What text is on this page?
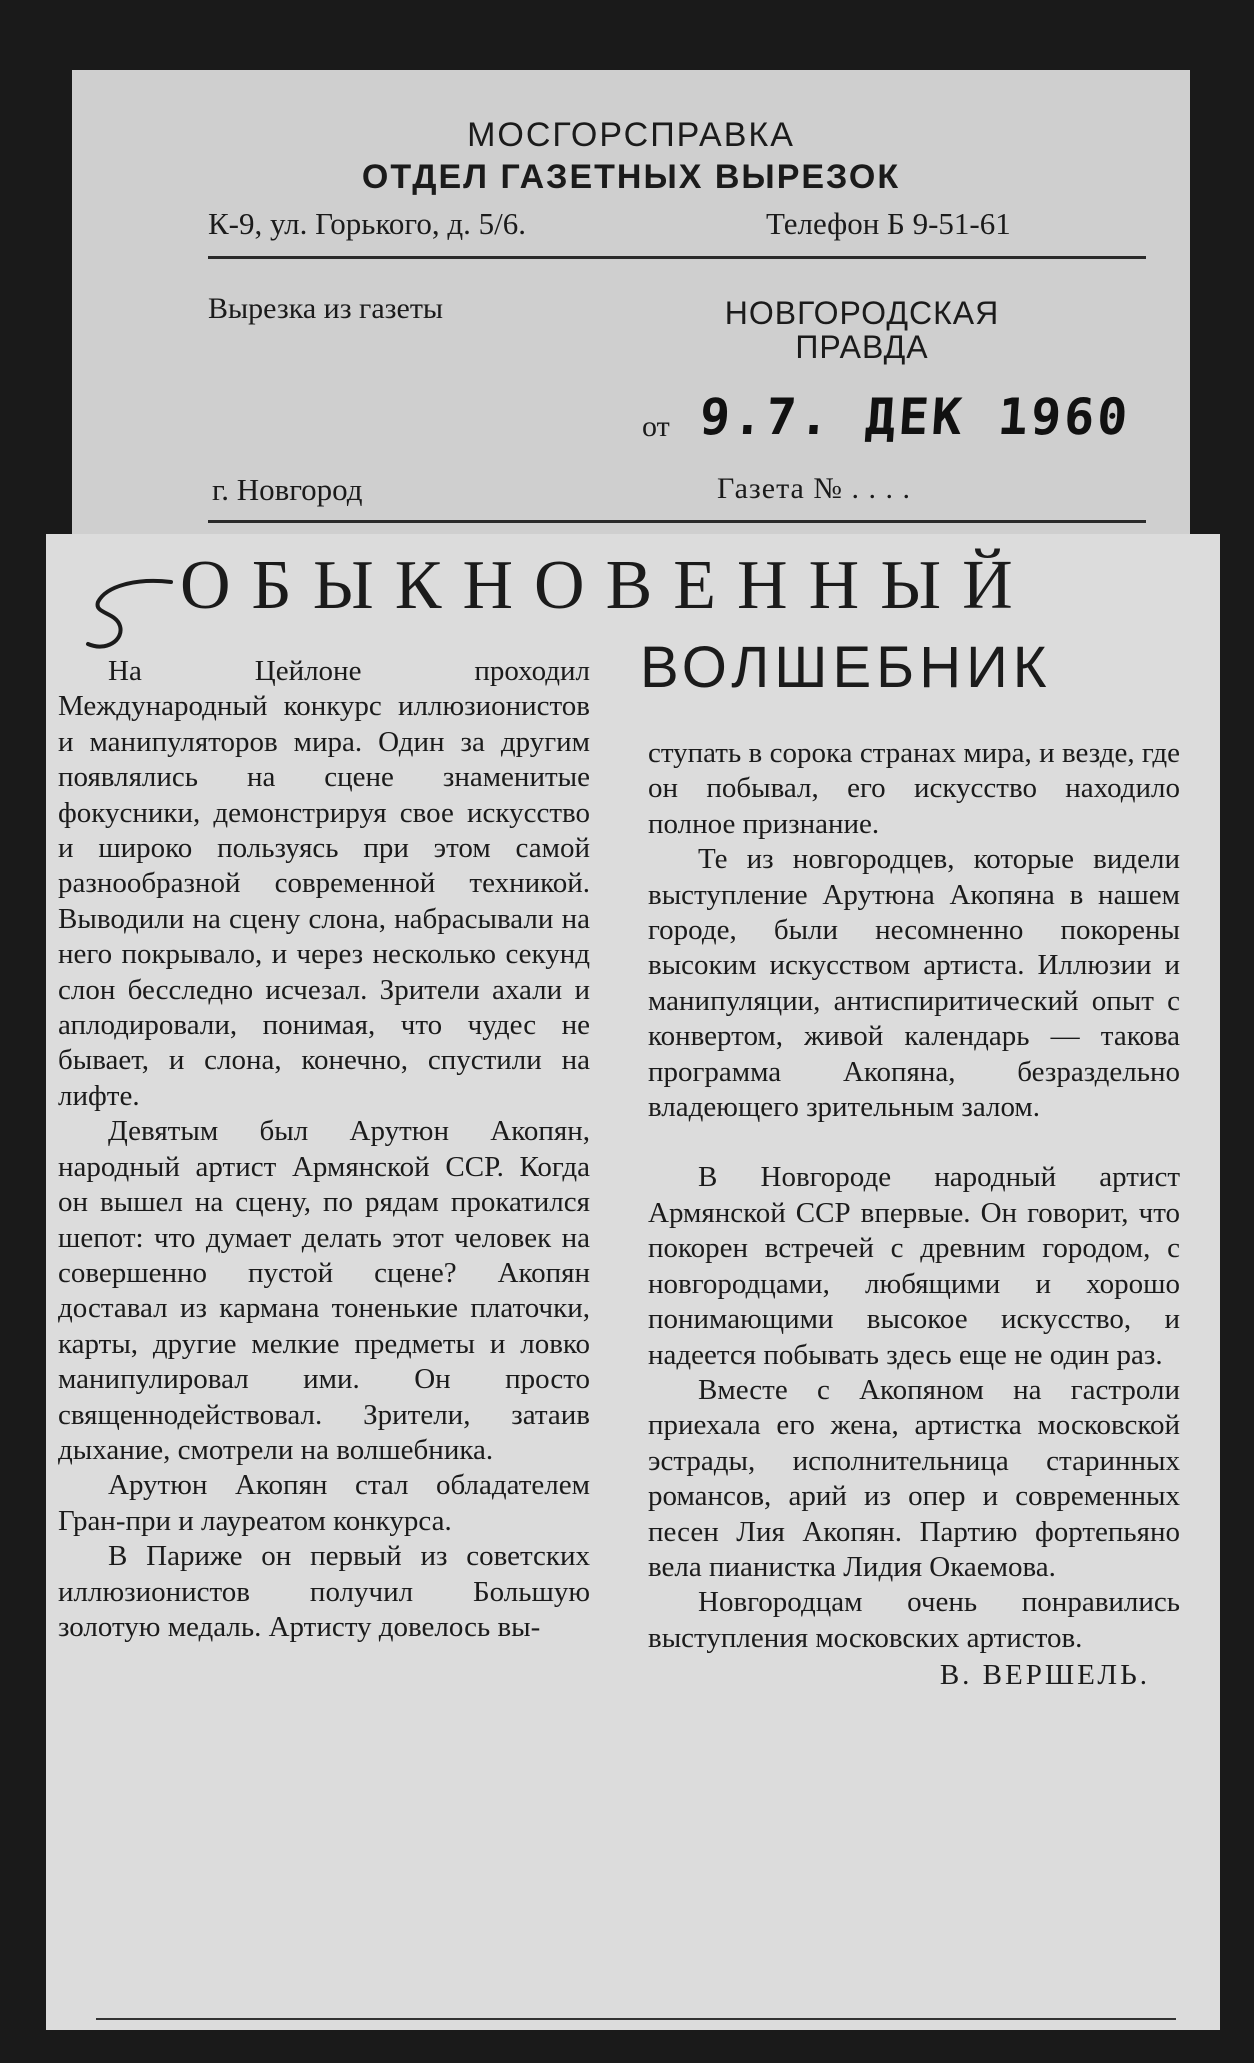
МОСГОРСПРАВКА
ОТДЕЛ ГАЗЕТНЫХ ВЫРЕЗОК
К-9, ул. Горького, д. 5/6.	Телефон Б 9-51-61
Вырезка из газеты	НОВГОРОДСКАЯ ПРАВДА
от 9.7. ДЕК 1960
г. Новгород	Газета № . . . .
ОБЫКНОВЕННЫЙ
ВОЛШЕБНИК

На Цейлоне проходил Международный конкурс иллюзионистов и манипуляторов мира. Один за другим появлялись на сцене знаменитые фокусники, демонстрируя свое искусство и широко пользуясь при этом самой разнообразной современной техникой. Выводили на сцену слона, набрасывали на него покрывало, и через несколько секунд слон бесследно исчезал. Зрители ахали и аплодировали, понимая, что чудес не бывает, и слона, конечно, спустили на лифте.

Девятым был Арутюн Акопян, народный артист Армянской ССР. Когда он вышел на сцену, по рядам прокатился шепот: что думает делать этот человек на совершенно пустой сцене? Акопян доставал из кармана тоненькие платочки, карты, другие мелкие предметы и ловко манипулировал ими. Он просто священнодействовал. Зрители, затаив дыхание, смотрели на волшебника.

Арутюн Акопян стал обладателем Гран-при и лауреатом конкурса.

В Париже он первый из советских иллюзионистов получил Большую золотую медаль. Артисту довелось вы-

ступать в сорока странах мира, и везде, где он побывал, его искусство находило полное признание.

Те из новгородцев, которые видели выступление Арутюна Акопяна в нашем городе, были несомненно покорены высоким искусством артиста. Иллюзии и манипуляции, антиспиритический опыт с конвертом, живой календарь — такова программа Акопяна, безраздельно владеющего зрительным залом.

В Новгороде народный артист Армянской ССР впервые. Он говорит, что покорен встречей с древним городом, с новгородцами, любящими и хорошо понимающими высокое искусство, и надеется побывать здесь еще не один раз.

Вместе с Акопяном на гастроли приехала его жена, артистка московской эстрады, исполнительница старинных романсов, арий из опер и современных песен Лия Акопян. Партию фортепьяно вела пианистка Лидия Окаемова.

Новгородцам очень понравились выступления московских артистов.

В. ВЕРШЕЛЬ.
